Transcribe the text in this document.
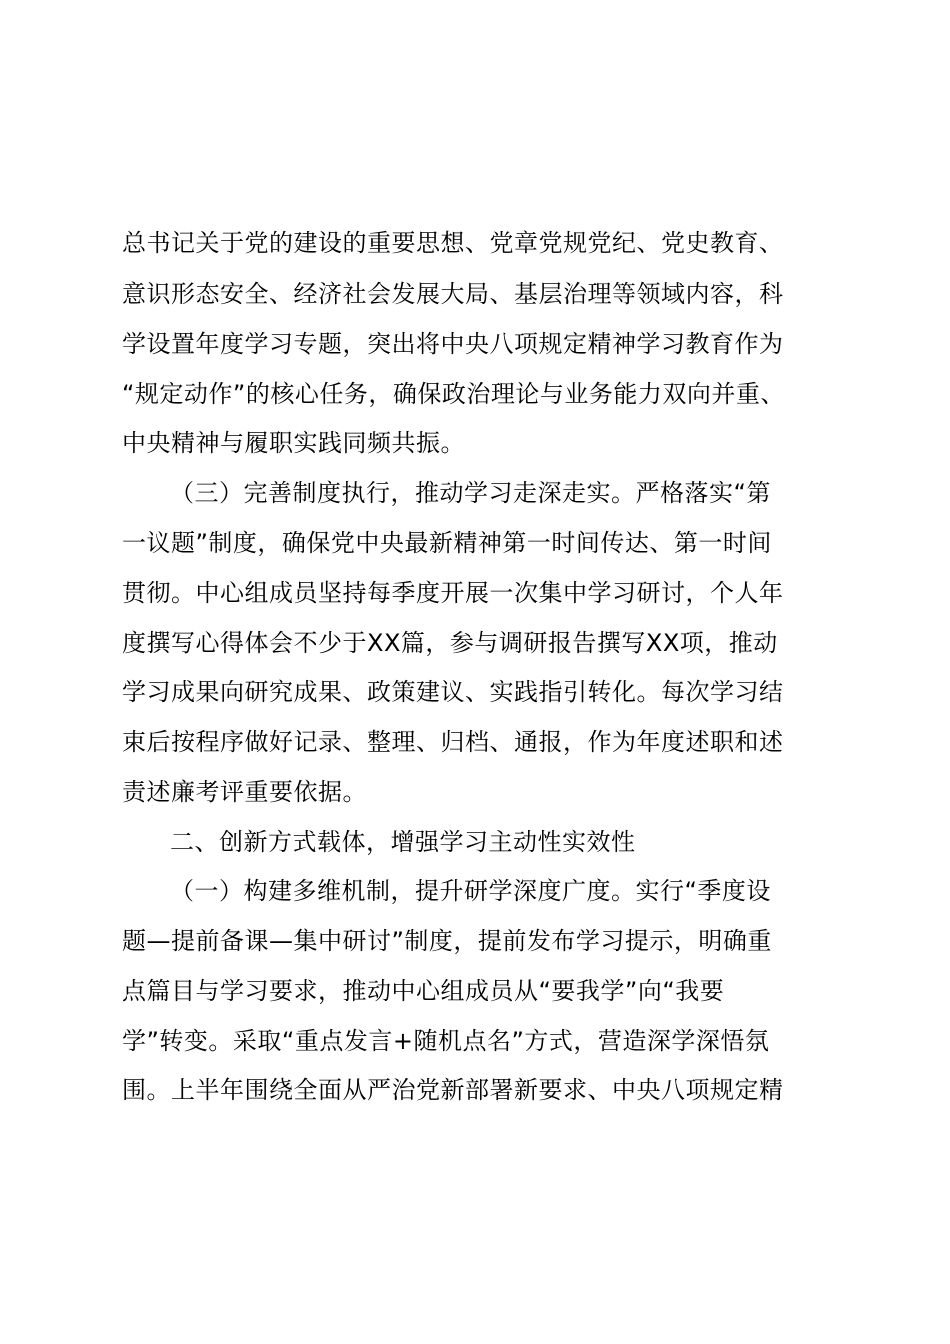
总书记关于党的建设的重要思想、党章党规党纪、党史教育、
意识形态安全、经济社会发展大局、基层治理等领域内容，科
学设置年度学习专题，突出将中央八项规定精神学习教育作为
“规定动作”的核心任务，确保政治理论与业务能力双向并重、
中央精神与履职实践同频共振。
（三）完善制度执行，推动学习走深走实。严格落实“第
一议题”制度，确保党中央最新精神第一时间传达、第一时间
贯彻。中心组成员坚持每季度开展一次集中学习研讨，个人年
度撰写心得体会不少于XX篇，参与调研报告撰写XX项，推动
学习成果向研究成果、政策建议、实践指引转化。每次学习结
束后按程序做好记录、整理、归档、通报，作为年度述职和述
责述廉考评重要依据。
二、创新方式载体，增强学习主动性实效性
（一）构建多维机制，提升研学深度广度。实行“季度设
题—提前备课—集中研讨”制度，提前发布学习提示，明确重
点篇目与学习要求，推动中心组成员从“要我学”向“我要
学”转变。采取“重点发言+随机点名”方式，营造深学深悟氛
围。上半年围绕全面从严治党新部署新要求、中央八项规定精
